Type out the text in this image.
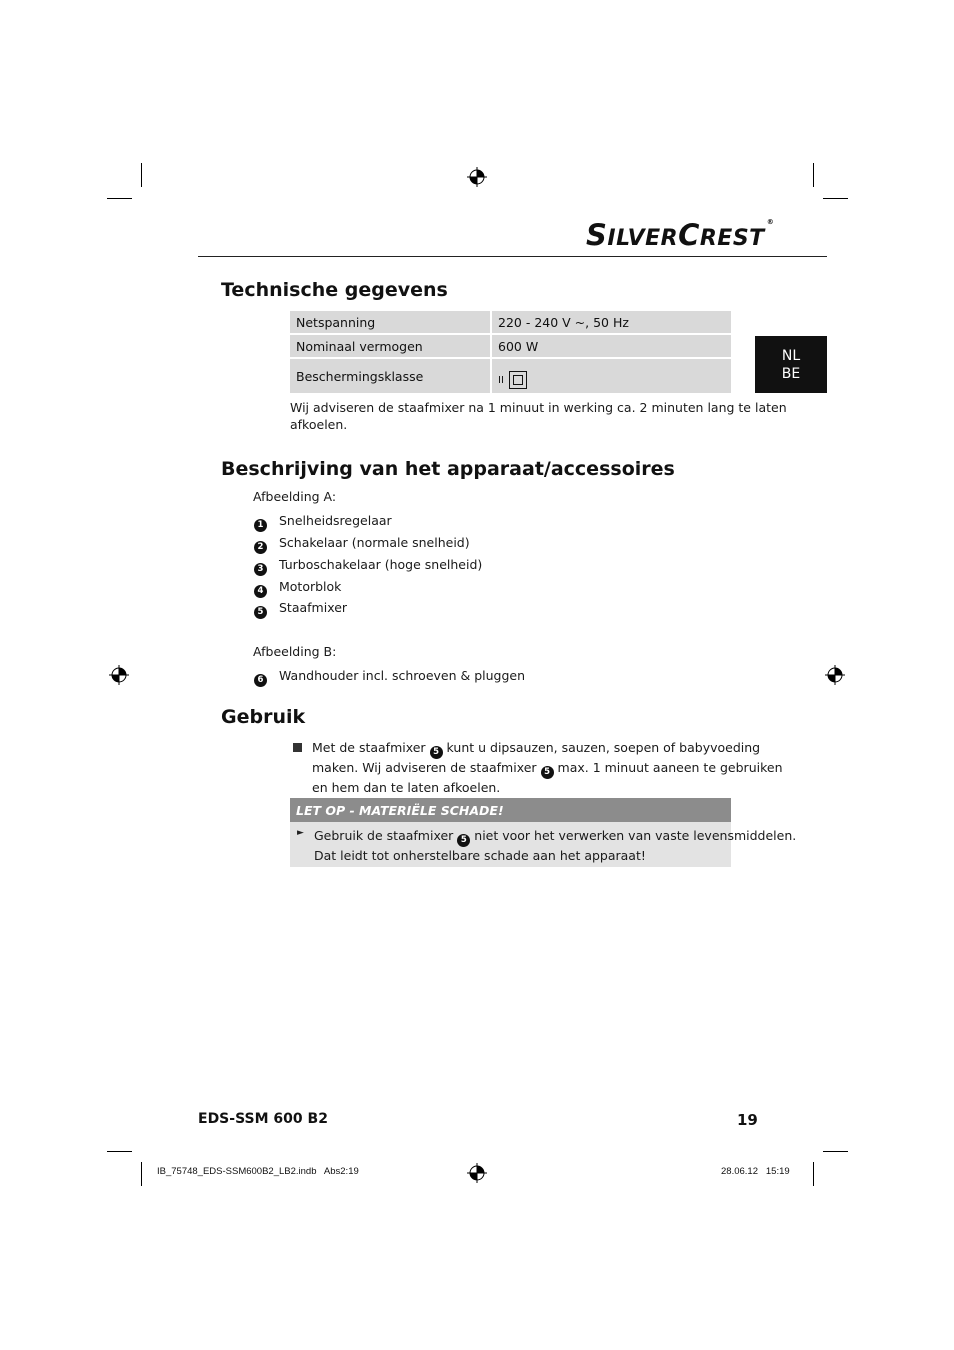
SILVERCREST®
Technische gegevens
Netspanning	220 - 240 V ~, 50 Hz
Nominaal vermogen	600 W
Beschermingsklasse	II
Wij adviseren de staafmixer na 1 minuut in werking ca. 2 minuten lang te laten
afkoelen.
NL
BE
Beschrijving van het apparaat/accessoires
Afbeelding A:
1 Snelheidsregelaar
2 Schakelaar (normale snelheid)
3 Turboschakelaar (hoge snelheid)
4 Motorblok
5 Staafmixer
Afbeelding B:
6 Wandhouder incl. schroeven & pluggen
Gebruik
Met de staafmixer 5 kunt u dipsauzen, sauzen, soepen of babyvoeding
maken. Wij adviseren de staafmixer 5 max. 1 minuut aaneen te gebruiken
en hem dan te laten afkoelen.
LET OP - MATERIËLE SCHADE!
► Gebruik de staafmixer 5 niet voor het verwerken van vaste levensmiddelen.
Dat leidt tot onherstelbare schade aan het apparaat!
EDS-SSM 600 B2	19
IB_75748_EDS-SSM600B2_LB2.indb   Abs2:19	28.06.12   15:19
